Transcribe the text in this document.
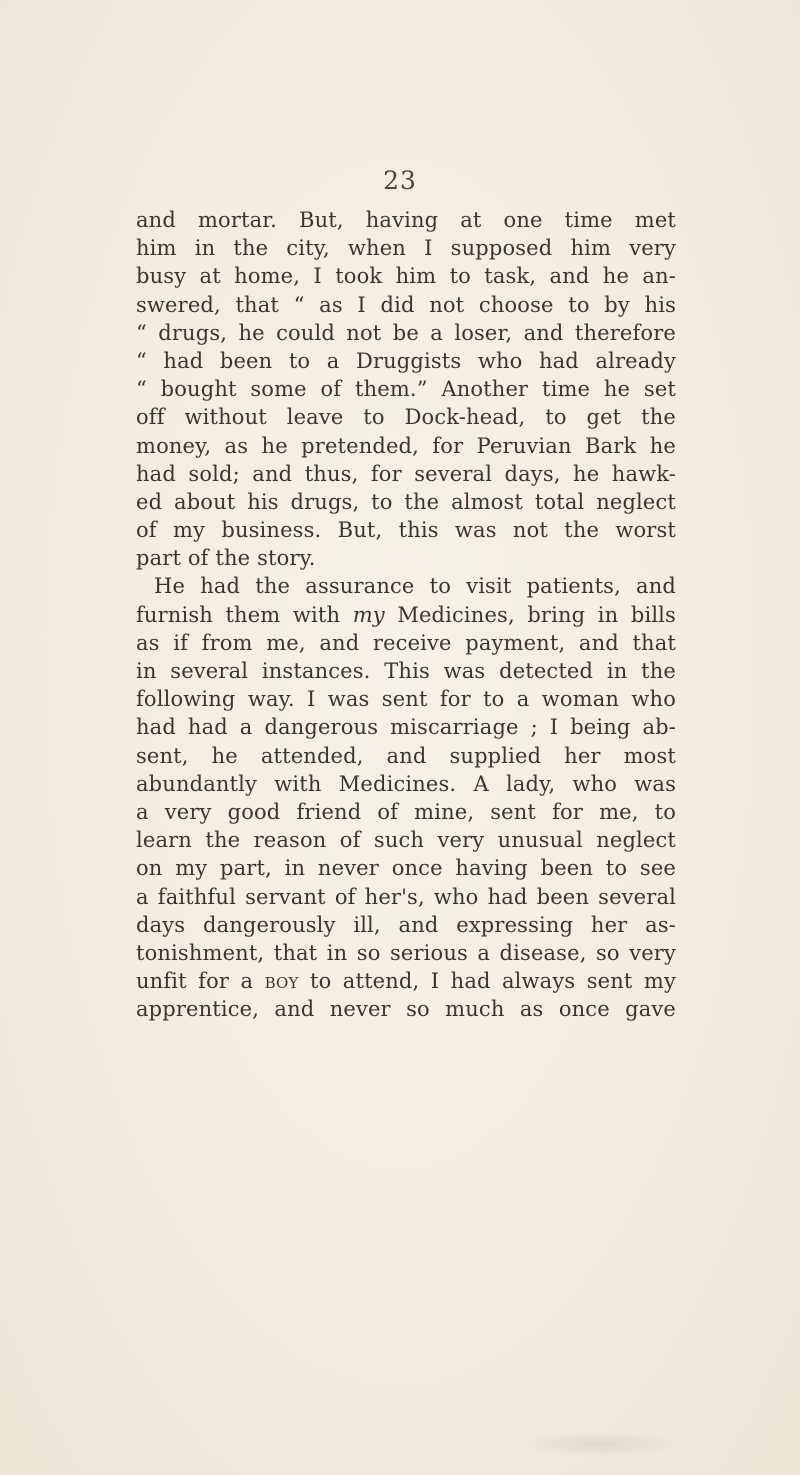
23
and mortar. But, having at one time met
him in the city, when I supposed him very
busy at home, I took him to task, and he an-
swered, that “ as I did not choose to by his
“ drugs, he could not be a loser, and therefore
“ had been to a Druggists who had already
“ bought some of them.” Another time he set
off without leave to Dock-head, to get the
money, as he pretended, for Peruvian Bark he
had sold; and thus, for several days, he hawk-
ed about his drugs, to the almost total neglect
of my business. But, this was not the worst
part of the story.
He had the assurance to visit patients, and
furnish them with my Medicines, bring in bills
as if from me, and receive payment, and that
in several instances. This was detected in the
following way. I was sent for to a woman who
had had a dangerous miscarriage ; I being ab-
sent, he attended, and supplied her most
abundantly with Medicines. A lady, who was
a very good friend of mine, sent for me, to
learn the reason of such very unusual neglect
on my part, in never once having been to see
a faithful servant of her's, who had been several
days dangerously ill, and expressing her as-
tonishment, that in so serious a disease, so very
unfit for a boy to attend, I had always sent my
apprentice, and never so much as once gave
